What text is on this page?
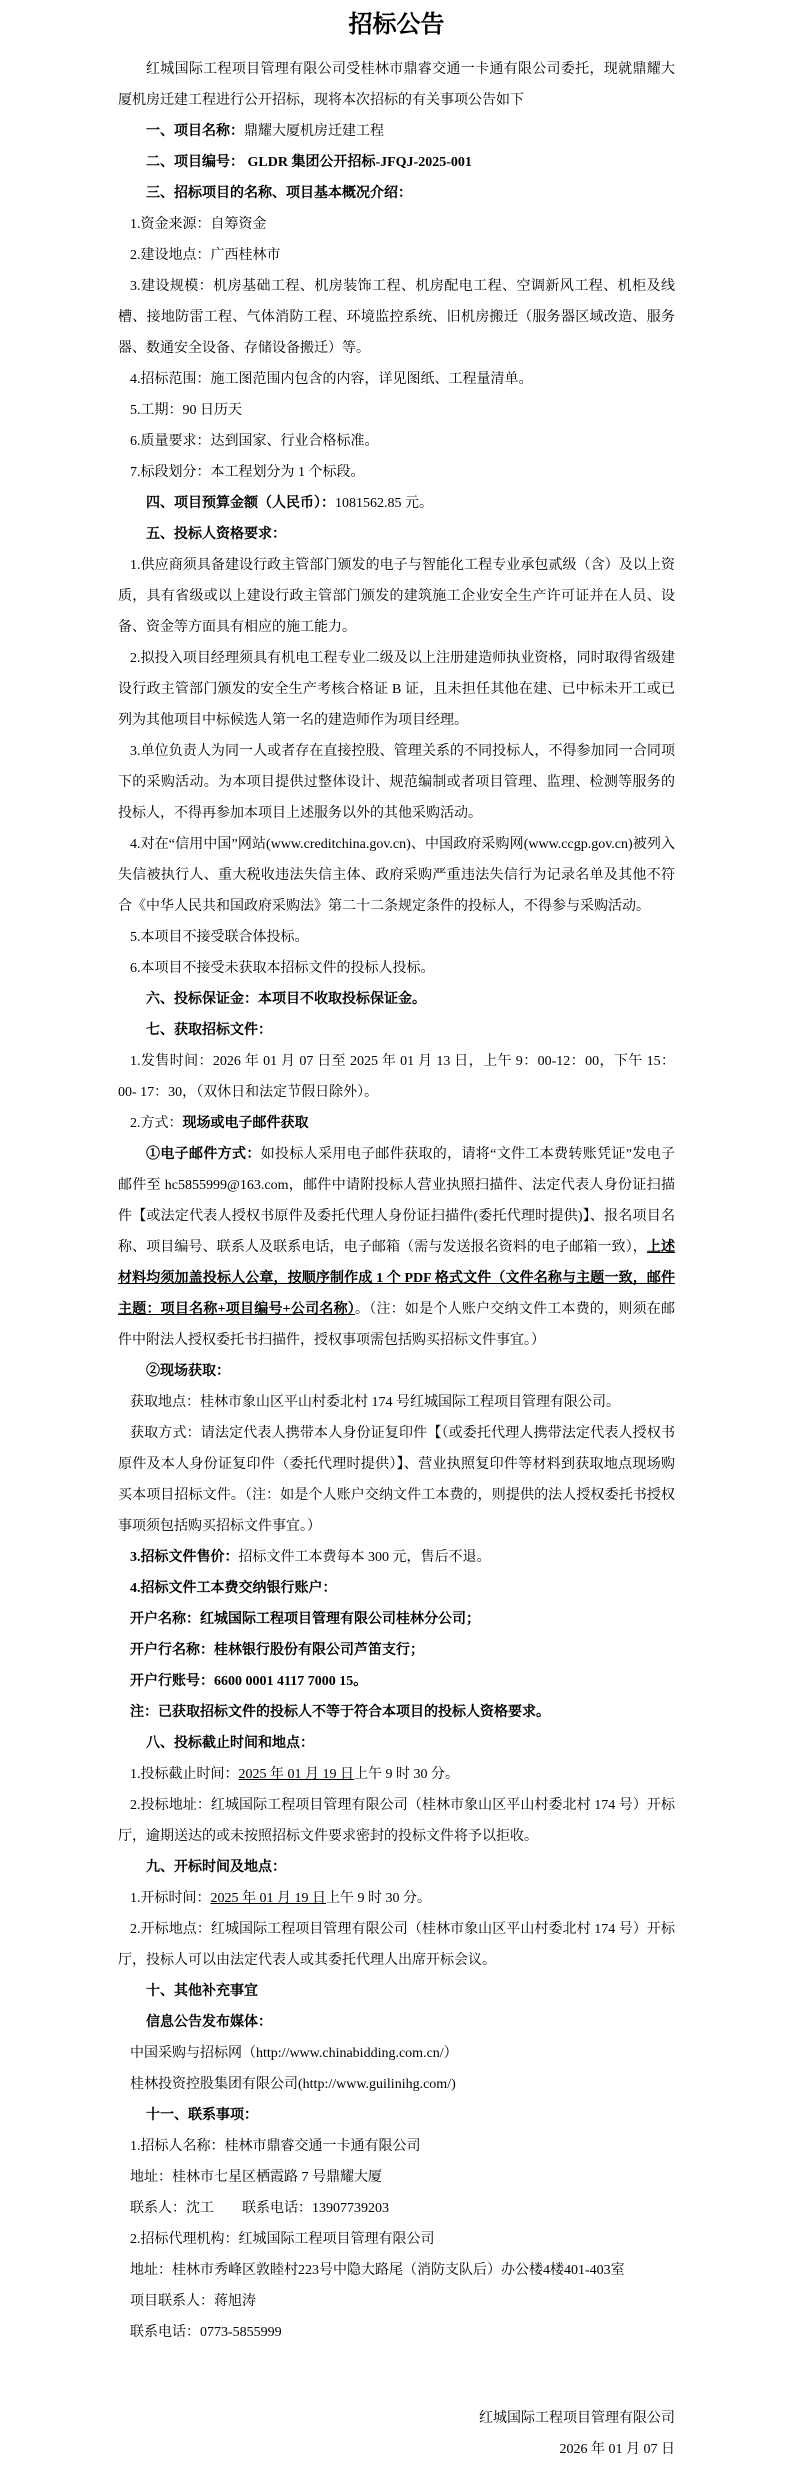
招标公告

红城国际工程项目管理有限公司受桂林市鼎睿交通一卡通有限公司委托，现就鼎耀大厦机房迁建工程进行公开招标，现将本次招标的有关事项公告如下

一、项目名称：鼎耀大厦机房迁建工程

二、项目编号： GLDR 集团公开招标-JFQJ-2025-001

三、招标项目的名称、项目基本概况介绍：

1.资金来源：自筹资金

2.建设地点：广西桂林市

3.建设规模：机房基础工程、机房装饰工程、机房配电工程、空调新风工程、机柜及线槽、接地防雷工程、气体消防工程、环境监控系统、旧机房搬迁（服务器区域改造、服务器、数通安全设备、存储设备搬迁）等。

4.招标范围：施工图范围内包含的内容，详见图纸、工程量清单。

5.工期：90 日历天

6.质量要求：达到国家、行业合格标准。

7.标段划分：本工程划分为 1 个标段。

四、项目预算金额（人民币）：1081562.85 元。

五、投标人资格要求：

1.供应商须具备建设行政主管部门颁发的电子与智能化工程专业承包贰级（含）及以上资质，具有省级或以上建设行政主管部门颁发的建筑施工企业安全生产许可证并在人员、设备、资金等方面具有相应的施工能力。

2.拟投入项目经理须具有机电工程专业二级及以上注册建造师执业资格，同时取得省级建设行政主管部门颁发的安全生产考核合格证 B 证，且未担任其他在建、已中标未开工或已列为其他项目中标候选人第一名的建造师作为项目经理。

3.单位负责人为同一人或者存在直接控股、管理关系的不同投标人，不得参加同一合同项下的采购活动。为本项目提供过整体设计、规范编制或者项目管理、监理、检测等服务的投标人，不得再参加本项目上述服务以外的其他采购活动。

4.对在“信用中国”网站(www.creditchina.gov.cn)、中国政府采购网(www.ccgp.gov.cn)被列入失信被执行人、重大税收违法失信主体、政府采购严重违法失信行为记录名单及其他不符合《中华人民共和国政府采购法》第二十二条规定条件的投标人，不得参与采购活动。

5.本项目不接受联合体投标。

6.本项目不接受未获取本招标文件的投标人投标。

六、投标保证金：本项目不收取投标保证金。

七、获取招标文件：

1.发售时间：2026 年 01 月 07 日至 2025 年 01 月 13 日，上午 9：00-12：00，下午 15：00- 17：30，（双休日和法定节假日除外）。

2.方式：现场或电子邮件获取

①电子邮件方式：如投标人采用电子邮件获取的，请将“文件工本费转账凭证”发电子邮件至 hc5855999@163.com，邮件中请附投标人营业执照扫描件、法定代表人身份证扫描件【或法定代表人授权书原件及委托代理人身份证扫描件(委托代理时提供)】、报名项目名称、项目编号、联系人及联系电话，电子邮箱（需与发送报名资料的电子邮箱一致），上述材料均须加盖投标人公章，按顺序制作成 1 个 PDF 格式文件（文件名称与主题一致，邮件主题：项目名称+项目编号+公司名称）。（注：如是个人账户交纳文件工本费的，则须在邮件中附法人授权委托书扫描件，授权事项需包括购买招标文件事宜。）

②现场获取：

获取地点：桂林市象山区平山村委北村 174 号红城国际工程项目管理有限公司。

获取方式：请法定代表人携带本人身份证复印件【（或委托代理人携带法定代表人授权书原件及本人身份证复印件（委托代理时提供）】、营业执照复印件等材料到获取地点现场购买本项目招标文件。（注：如是个人账户交纳文件工本费的，则提供的法人授权委托书授权事项须包括购买招标文件事宜。）

3.招标文件售价：招标文件工本费每本 300 元，售后不退。

4.招标文件工本费交纳银行账户：

开户名称：红城国际工程项目管理有限公司桂林分公司；

开户行名称：桂林银行股份有限公司芦笛支行；

开户行账号：6600 0001 4117 7000 15。

注：已获取招标文件的投标人不等于符合本项目的投标人资格要求。

八、投标截止时间和地点：

1.投标截止时间：2025 年 01 月 19 日上午 9 时 30 分。

2.投标地址：红城国际工程项目管理有限公司（桂林市象山区平山村委北村 174 号）开标厅，逾期送达的或未按照招标文件要求密封的投标文件将予以拒收。

九、开标时间及地点：

1.开标时间：2025 年 01 月 19 日上午 9 时 30 分。

2.开标地点：红城国际工程项目管理有限公司（桂林市象山区平山村委北村 174 号）开标厅，投标人可以由法定代表人或其委托代理人出席开标会议。

十、其他补充事宜

信息公告发布媒体：

中国采购与招标网（http://www.chinabidding.com.cn/）

桂林投资控股集团有限公司(http://www.guilinihg.com/)

十一、联系事项：

1.招标人名称：桂林市鼎睿交通一卡通有限公司

地址：桂林市七星区栖霞路 7 号鼎耀大厦

联系人：沈工　　联系电话：13907739203

2.招标代理机构：红城国际工程项目管理有限公司

地址：桂林市秀峰区敦睦村223号中隐大路尾（消防支队后）办公楼4楼401-403室

项目联系人：蒋旭涛

联系电话：0773-5855999

红城国际工程项目管理有限公司

2026 年 01 月 07 日
